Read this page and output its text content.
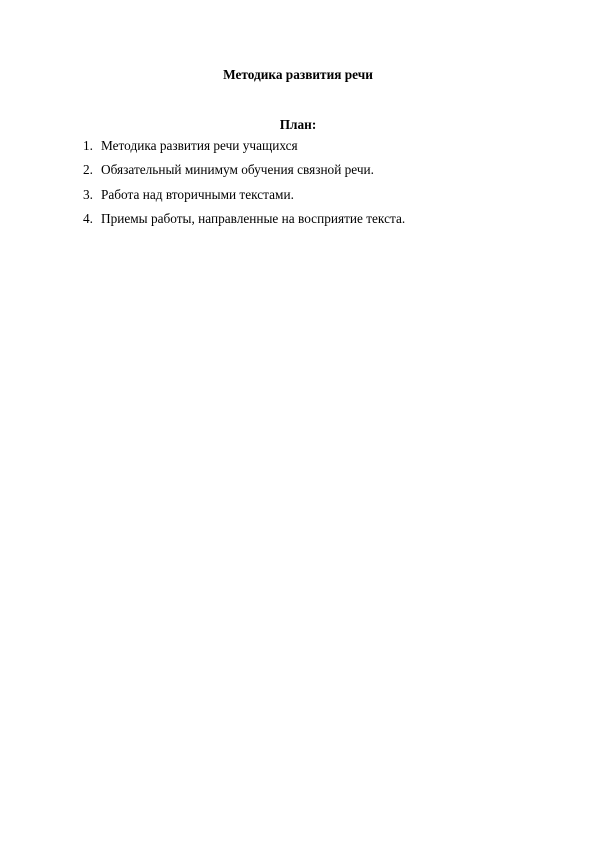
Методика развития речи
План:
1. Методика развития речи учащихся
2. Обязательный минимум обучения связной речи.
3. Работа над вторичными текстами.
4. Приемы работы, направленные на восприятие текста.
